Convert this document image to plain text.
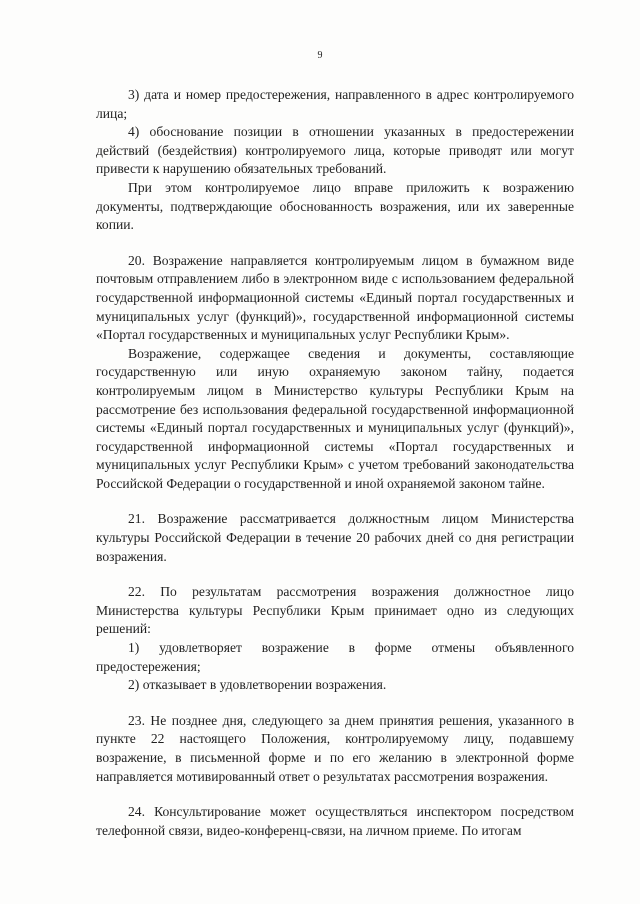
9

3) дата и номер предостережения, направленного в адрес контролируемого лица;

4) обоснование позиции в отношении указанных в предостережении действий (бездействия) контролируемого лица, которые приводят или могут привести к нарушению обязательных требований.

При этом контролируемое лицо вправе приложить к возражению документы, подтверждающие обоснованность возражения, или их заверенные копии.

20. Возражение направляется контролируемым лицом в бумажном виде почтовым отправлением либо в электронном виде с использованием федеральной государственной информационной системы «Единый портал государственных и муниципальных услуг (функций)», государственной информационной системы «Портал государственных и муниципальных услуг Республики Крым».

Возражение, содержащее сведения и документы, составляющие государственную или иную охраняемую законом тайну, подается контролируемым лицом в Министерство культуры Республики Крым на рассмотрение без использования федеральной государственной информационной системы «Единый портал государственных и муниципальных услуг (функций)», государственной информационной системы «Портал государственных и муниципальных услуг Республики Крым» с учетом требований законодательства Российской Федерации о государственной и иной охраняемой законом тайне.

21. Возражение рассматривается должностным лицом Министерства культуры Российской Федерации в течение 20 рабочих дней со дня регистрации возражения.

22. По результатам рассмотрения возражения должностное лицо Министерства культуры Республики Крым принимает одно из следующих решений:

1) удовлетворяет возражение в форме отмены объявленного предостережения;

2) отказывает в удовлетворении возражения.

23. Не позднее дня, следующего за днем принятия решения, указанного в пункте 22 настоящего Положения, контролируемому лицу, подавшему возражение, в письменной форме и по его желанию в электронной форме направляется мотивированный ответ о результатах рассмотрения возражения.

24. Консультирование может осуществляться инспектором посредством телефонной связи, видео-конференц-связи, на личном приеме. По итогам
